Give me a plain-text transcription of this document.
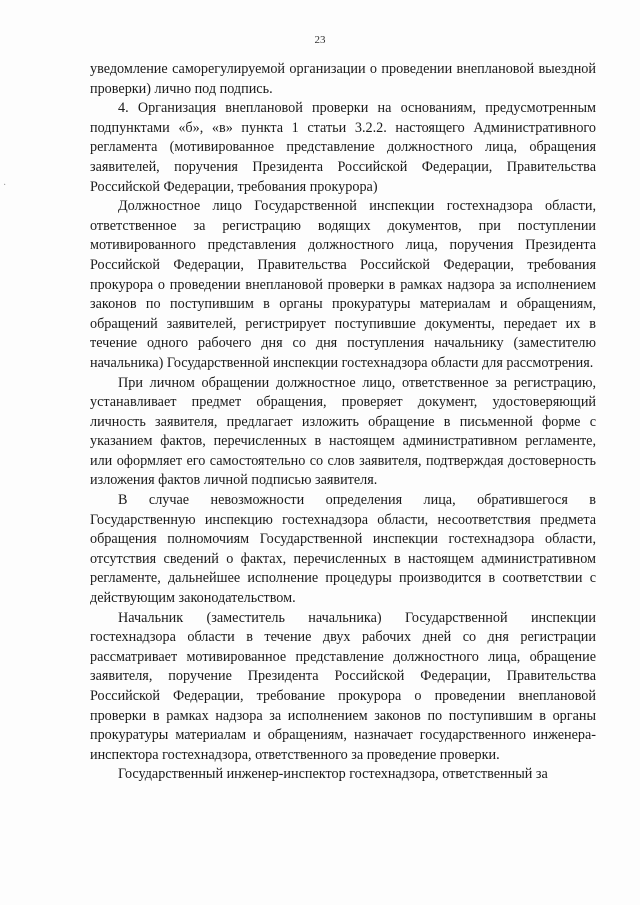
23
·

уведомление саморегулируемой организации о проведении внеплановой выездной проверки) лично под подпись.

4. Организация внеплановой проверки на основаниям, предусмотренным подпунктами «б», «в» пункта 1 статьи 3.2.2. настоящего Административного регламента (мотивированное представление должностного лица, обращения заявителей, поручения Президента Российской Федерации, Правительства Российской Федерации, требования прокурора)

Должностное лицо Государственной инспекции гостехнадзора области, ответственное за регистрацию водящих документов, при поступлении мотивированного представления должностного лица, поручения Президента Российской Федерации, Правительства Российской Федерации, требования прокурора о проведении внеплановой проверки в рамках надзора за исполнением законов по поступившим в органы прокуратуры материалам и обращениям, обращений заявителей, регистрирует поступившие документы, передает их в течение одного рабочего дня со дня поступления начальнику (заместителю начальника) Государственной инспекции гостехнадзора области для рассмотрения.

При личном обращении должностное лицо, ответственное за регистрацию, устанавливает предмет обращения, проверяет документ, удостоверяющий личность заявителя, предлагает изложить обращение в письменной форме с указанием фактов, перечисленных в настоящем административном регламенте, или оформляет его самостоятельно со слов заявителя, подтверждая достоверность изложения фактов личной подписью заявителя.

В случае невозможности определения лица, обратившегося в Государственную инспекцию гостехнадзора области, несоответствия предмета обращения полномочиям Государственной инспекции гостехнадзора области, отсутствия сведений о фактах, перечисленных в настоящем административном регламенте, дальнейшее исполнение процедуры производится в соответствии с действующим законодательством.

Начальник (заместитель начальника) Государственной инспекции гостехнадзора области в течение двух рабочих дней со дня регистрации рассматривает мотивированное представление должностного лица, обращение заявителя, поручение Президента Российской Федерации, Правительства Российской Федерации, требование прокурора о проведении внеплановой проверки в рамках надзора за исполнением законов по поступившим в органы прокуратуры материалам и обращениям, назначает государственного инженера-инспектора гостехнадзора, ответственного за проведение проверки.

Государственный инженер-инспектор гостехнадзора, ответственный за
